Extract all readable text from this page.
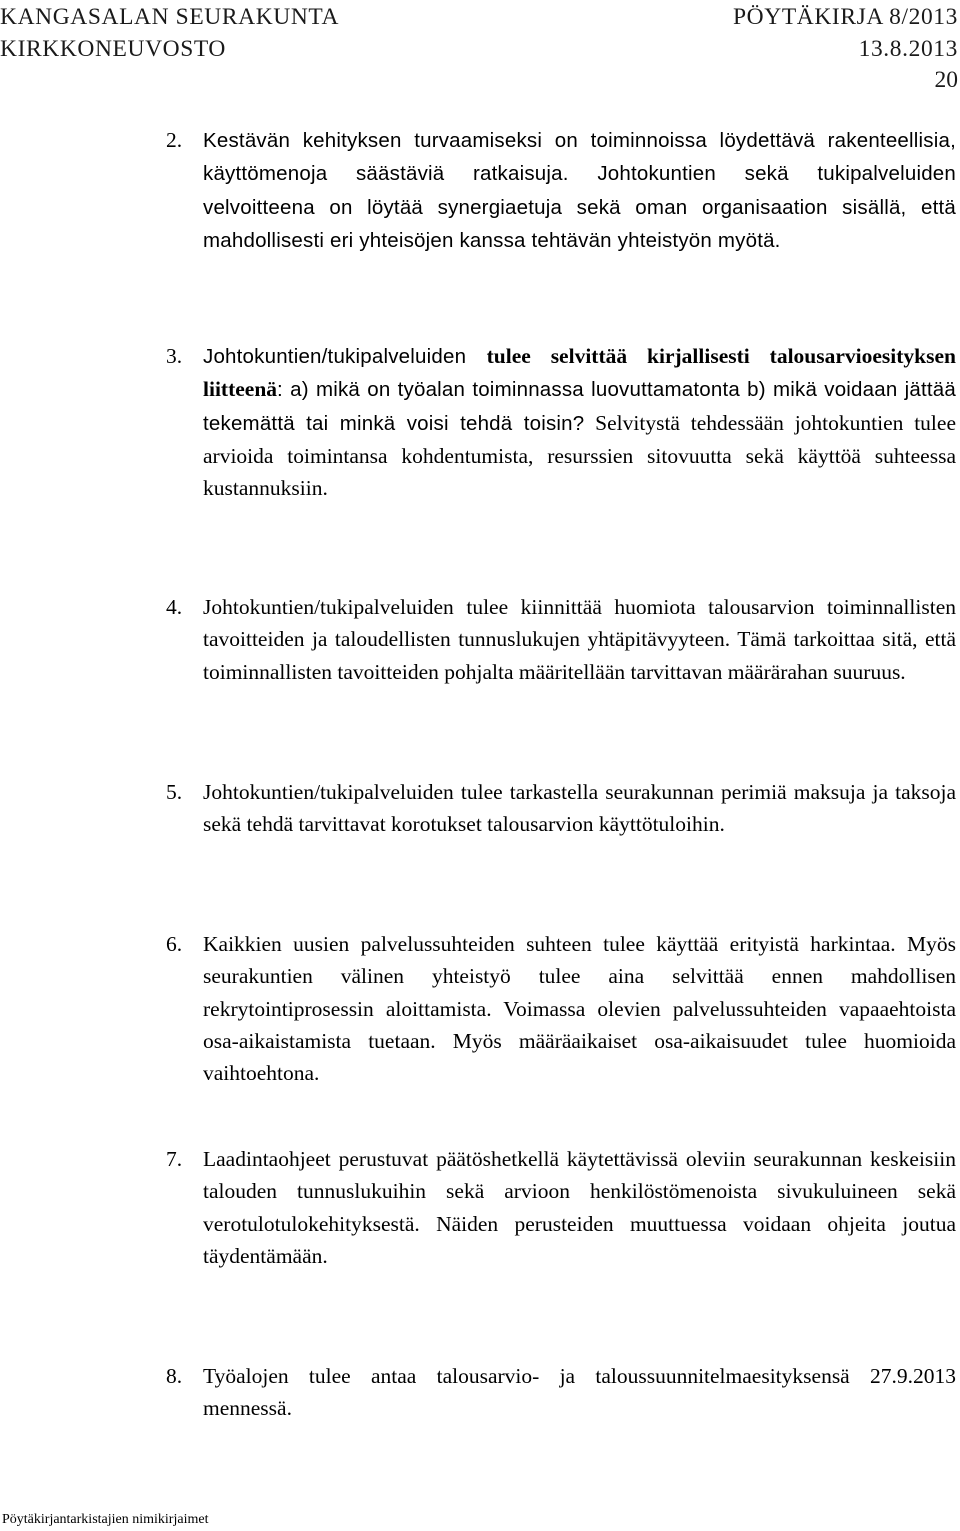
KANGASALAN SEURAKUNTA	PÖYTÄKIRJA 8/2013
KIRKKONEUVOSTO	13.8.2013
20
2.	Kestävän kehityksen turvaamiseksi on toiminnoissa löydettävä rakenteellisia, käyttömenoja säästäviä ratkaisuja. Johtokuntien sekä tukipalveluiden velvoitteena on löytää synergiaetuja sekä oman organisaation sisällä, että mahdollisesti eri yhteisöjen kanssa tehtävän yhteistyön myötä.
3.	Johtokuntien/tukipalveluiden tulee selvittää kirjallisesti talousarvioesityksen liitteenä: a) mikä on työalan toiminnassa luovuttamatonta b) mikä voidaan jättää tekemättä tai minkä voisi tehdä toisin? Selvitystä tehdessään johtokuntien tulee arvioida toimintansa kohdentumista, resurssien sitovuutta sekä käyttöä suhteessa kustannuksiin.
4. Johtokuntien/tukipalveluiden tulee kiinnittää huomiota talousarvion toiminnallisten tavoitteiden ja taloudellisten tunnuslukujen yhtäpitävyyteen. Tämä tarkoittaa sitä, että toiminnallisten tavoitteiden pohjalta määritellään tarvittavan määrärahan suuruus.
5. Johtokuntien/tukipalveluiden tulee tarkastella seurakunnan perimiä maksuja ja taksoja sekä tehdä tarvittavat korotukset talousarvion käyttötuloihin.
6. Kaikkien uusien palvelussuhteiden suhteen tulee käyttää erityistä harkintaa. Myös seurakuntien välinen yhteistyö tulee aina selvittää ennen mahdollisen rekrytointiprosessin aloittamista. Voimassa olevien palvelussuhteiden vapaaehtoista osa-aikaistamista tuetaan. Myös määräaikaiset osa-aikaisuudet tulee huomioida vaihtoehtona.
7. Laadintaohjeet perustuvat päätöshetkellä käytettävissä oleviin seurakunnan keskeisiin talouden tunnuslukuihin sekä arvioon henkilöstömenoista sivukuluineen sekä verotulotulokehityksestä. Näiden perusteiden muuttuessa voidaan ohjeita joutua täydentämään.
8. Työalojen tulee antaa talousarvio- ja taloussuunnitelmaesityksensä 27.9.2013 mennessä.
Pöytäkirjantarkistajien nimikirjaimet
